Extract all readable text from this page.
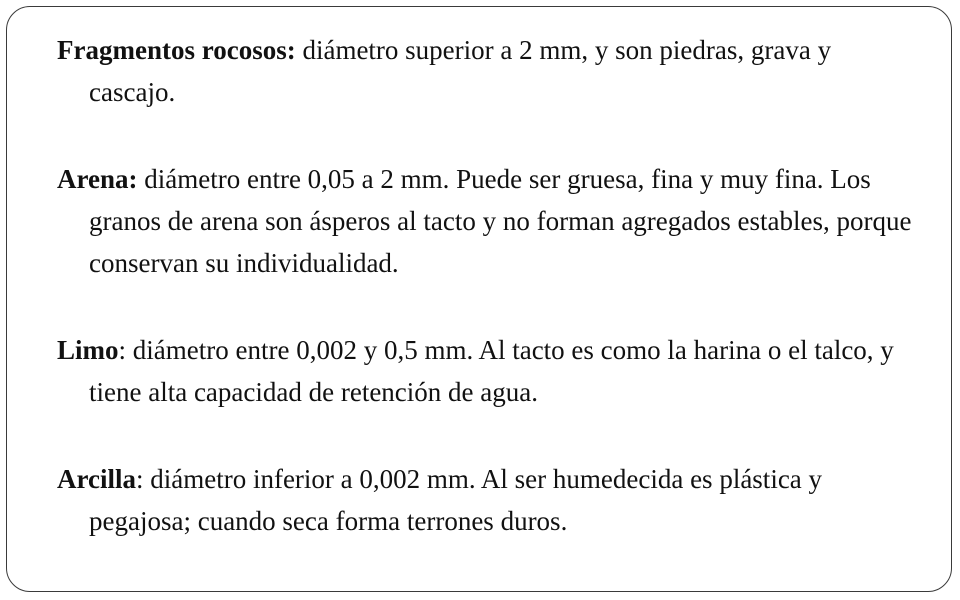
Fragmentos rocosos: diámetro superior a 2 mm, y son piedras, grava y cascajo.

Arena: diámetro entre 0,05 a 2 mm. Puede ser gruesa, fina y muy fina. Los granos de arena son ásperos al tacto y no forman agregados estables, porque conservan su individualidad.

Limo: diámetro entre 0,002 y 0,5 mm. Al tacto es como la harina o el talco, y tiene alta capacidad de retención de agua.

Arcilla: diámetro inferior a 0,002 mm. Al ser humedecida es plástica y pegajosa; cuando seca forma terrones duros.
